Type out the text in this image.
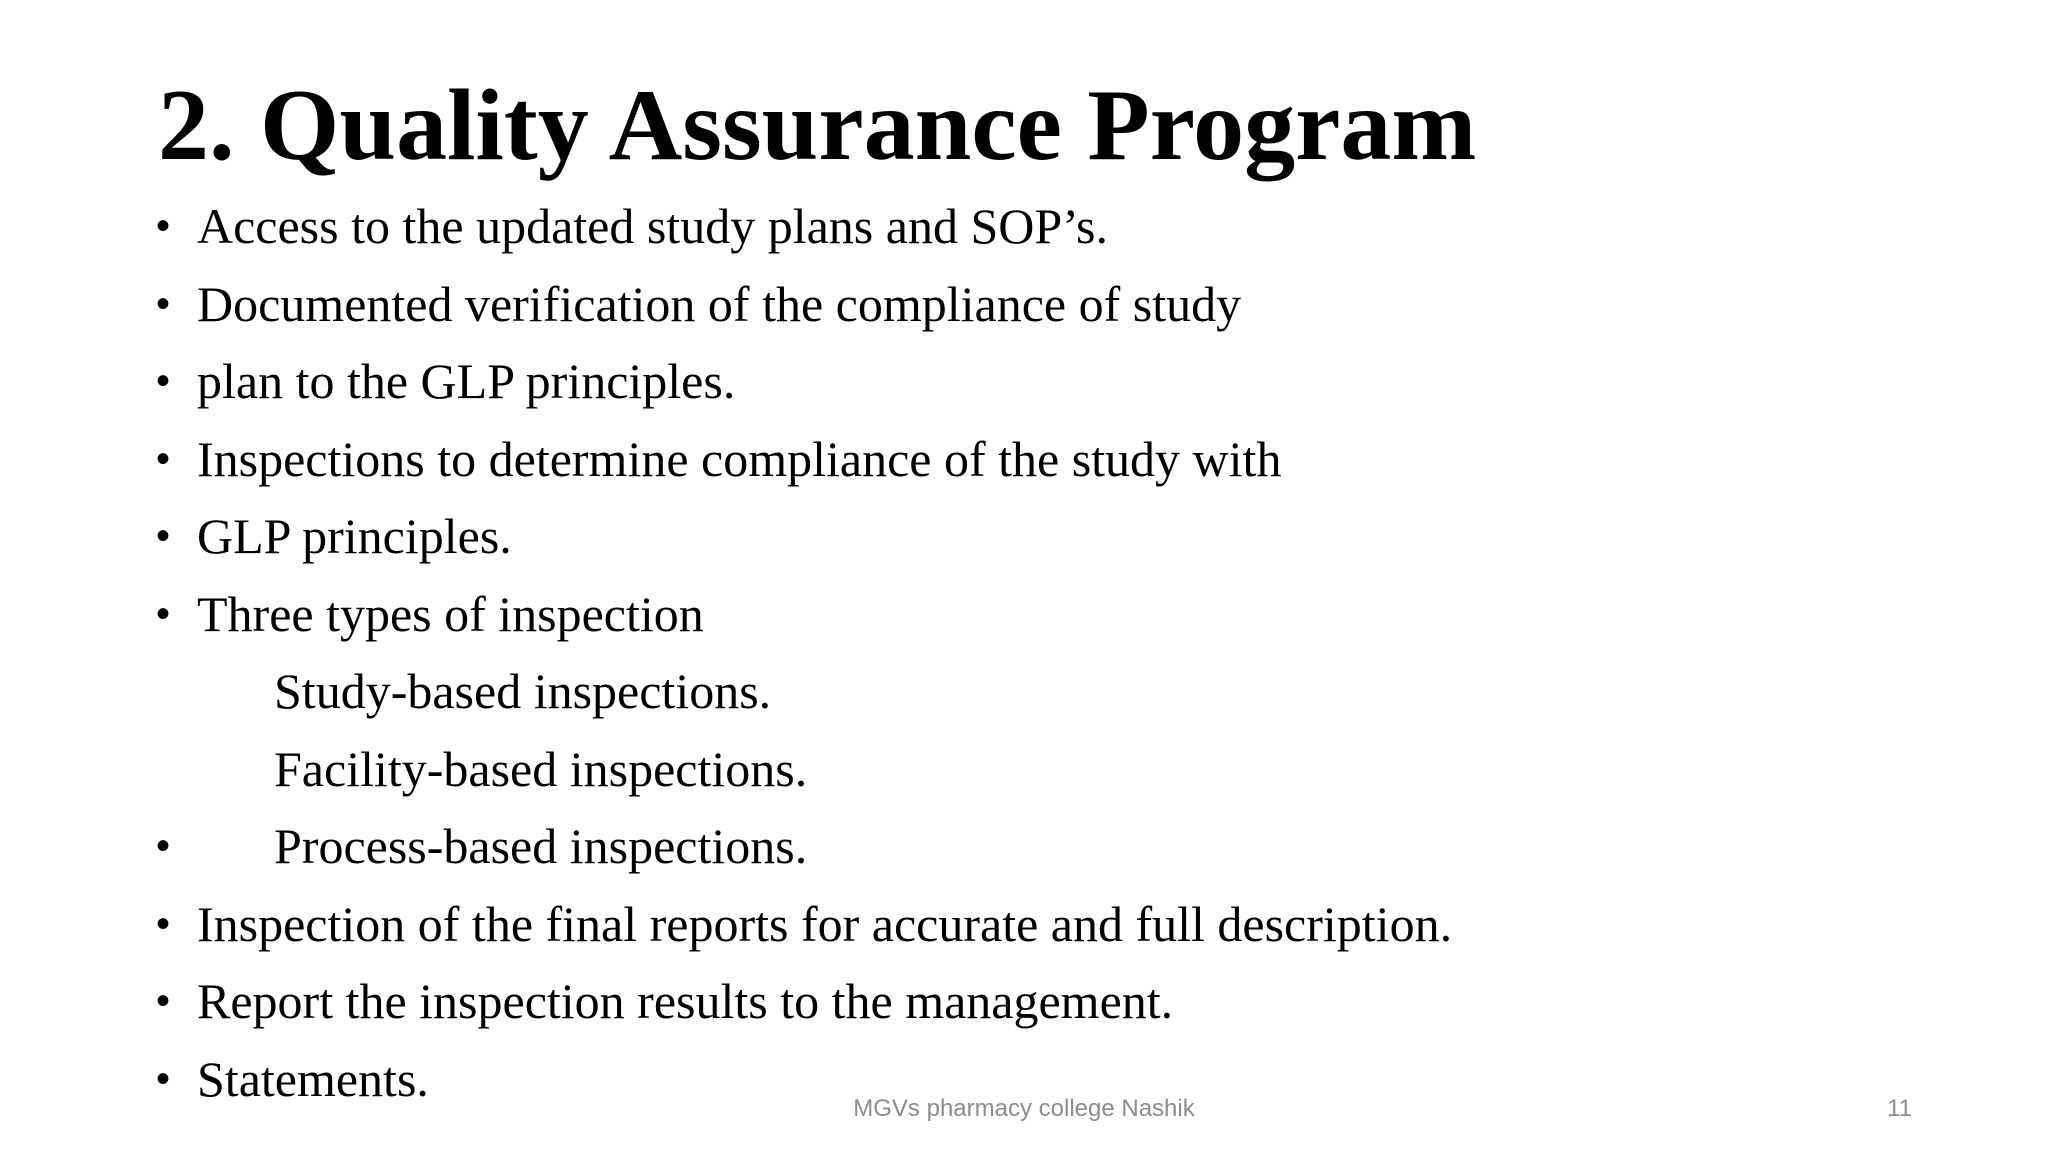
2. Quality Assurance Program
• Access to the updated study plans and SOP’s.
• Documented verification of the compliance of study
• plan to the GLP principles.
• Inspections to determine compliance of the study with
• GLP principles.
• Three types of inspection
Study-based inspections.
Facility-based inspections.
•	Process-based inspections.
• Inspection of the final reports for accurate and full description.
• Report the inspection results to the management.
• Statements.
MGVs pharmacy college Nashik	11
